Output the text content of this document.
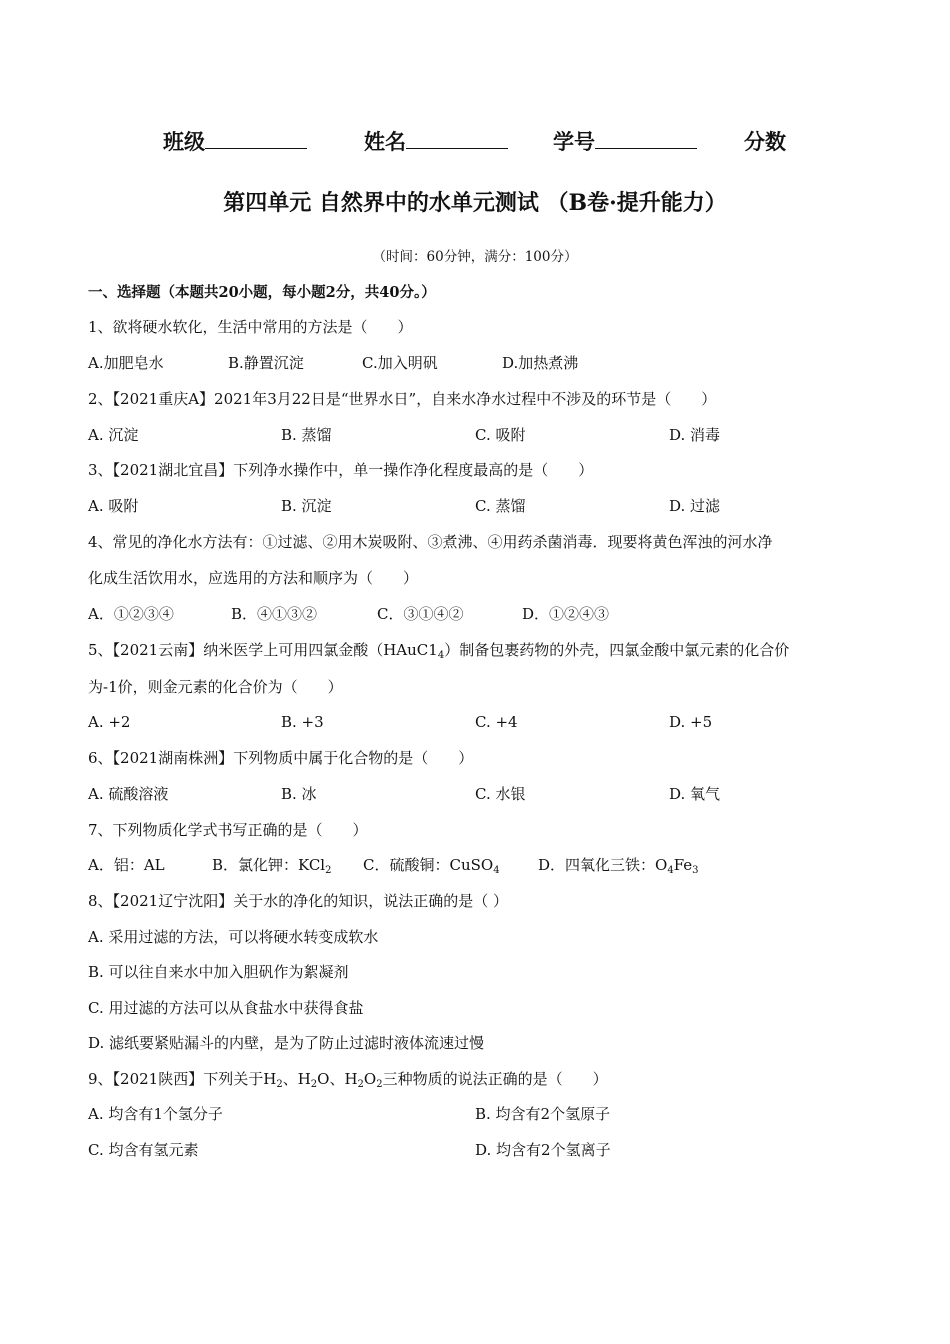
班级	姓名	学号	分数
第四单元 自然界中的水单元测试 （B卷·提升能力）
（时间：60分钟，满分：100分）
一、选择题（本题共20小题，每小题2分，共40分。）
1、欲将硬水软化，生活中常用的方法是（　　）
A.加肥皂水	B.静置沉淀	C.加入明矾	D.加热煮沸
2、【2021重庆A】2021年3月22日是“世界水日”，自来水净水过程中不涉及的环节是（　　）
A. 沉淀	B. 蒸馏	C. 吸附	D. 消毒
3、【2021湖北宜昌】下列净水操作中，单一操作净化程度最高的是（　　）
A. 吸附	B. 沉淀	C. 蒸馏	D. 过滤
4、常见的净化水方法有：①过滤、②用木炭吸附、③煮沸、④用药杀菌消毒．现要将黄色浑浊的河水净
化成生活饮用水，应选用的方法和顺序为（　　）
A．①②③④	B．④①③②	C．③①④②	D．①②④③
5、【2021云南】纳米医学上可用四氯金酸$(HAuC1_4)$制备包裹药物的外壳，四氯金酸中氯元素的化合价
为-1价，则金元素的化合价为（　　）
A. +2	B. +3	C. +4	D. +5
6、【2021湖南株洲】下列物质中属于化合物的是（　　）
A. 硫酸溶液	B. 冰	C. 水银	D. 氧气
7、下列物质化学式书写正确的是（　　）
A．铝：AL	B．氯化钾：KCl$_2$ C．硫酸铜：CuSO$_4$	D．四氧化三铁：$O_4Fe_3$
8、【2021辽宁沈阳】关于水的净化的知识，说法正确的是（ ）
A. 采用过滤的方法，可以将硬水转变成软水
B. 可以往自来水中加入胆矾作为絮凝剂
C. 用过滤的方法可以从食盐水中获得食盐
D. 滤纸要紧贴漏斗的内壁，是为了防止过滤时液体流速过慢
9、【2021陕西】下列关于$H_2$、$H_2O$、$H_2O_2$三种物质的说法正确的是（　　）
A. 均含有1个氢分子	B. 均含有2个氢原子
C. 均含有氢元素	D. 均含有2个氢离子
